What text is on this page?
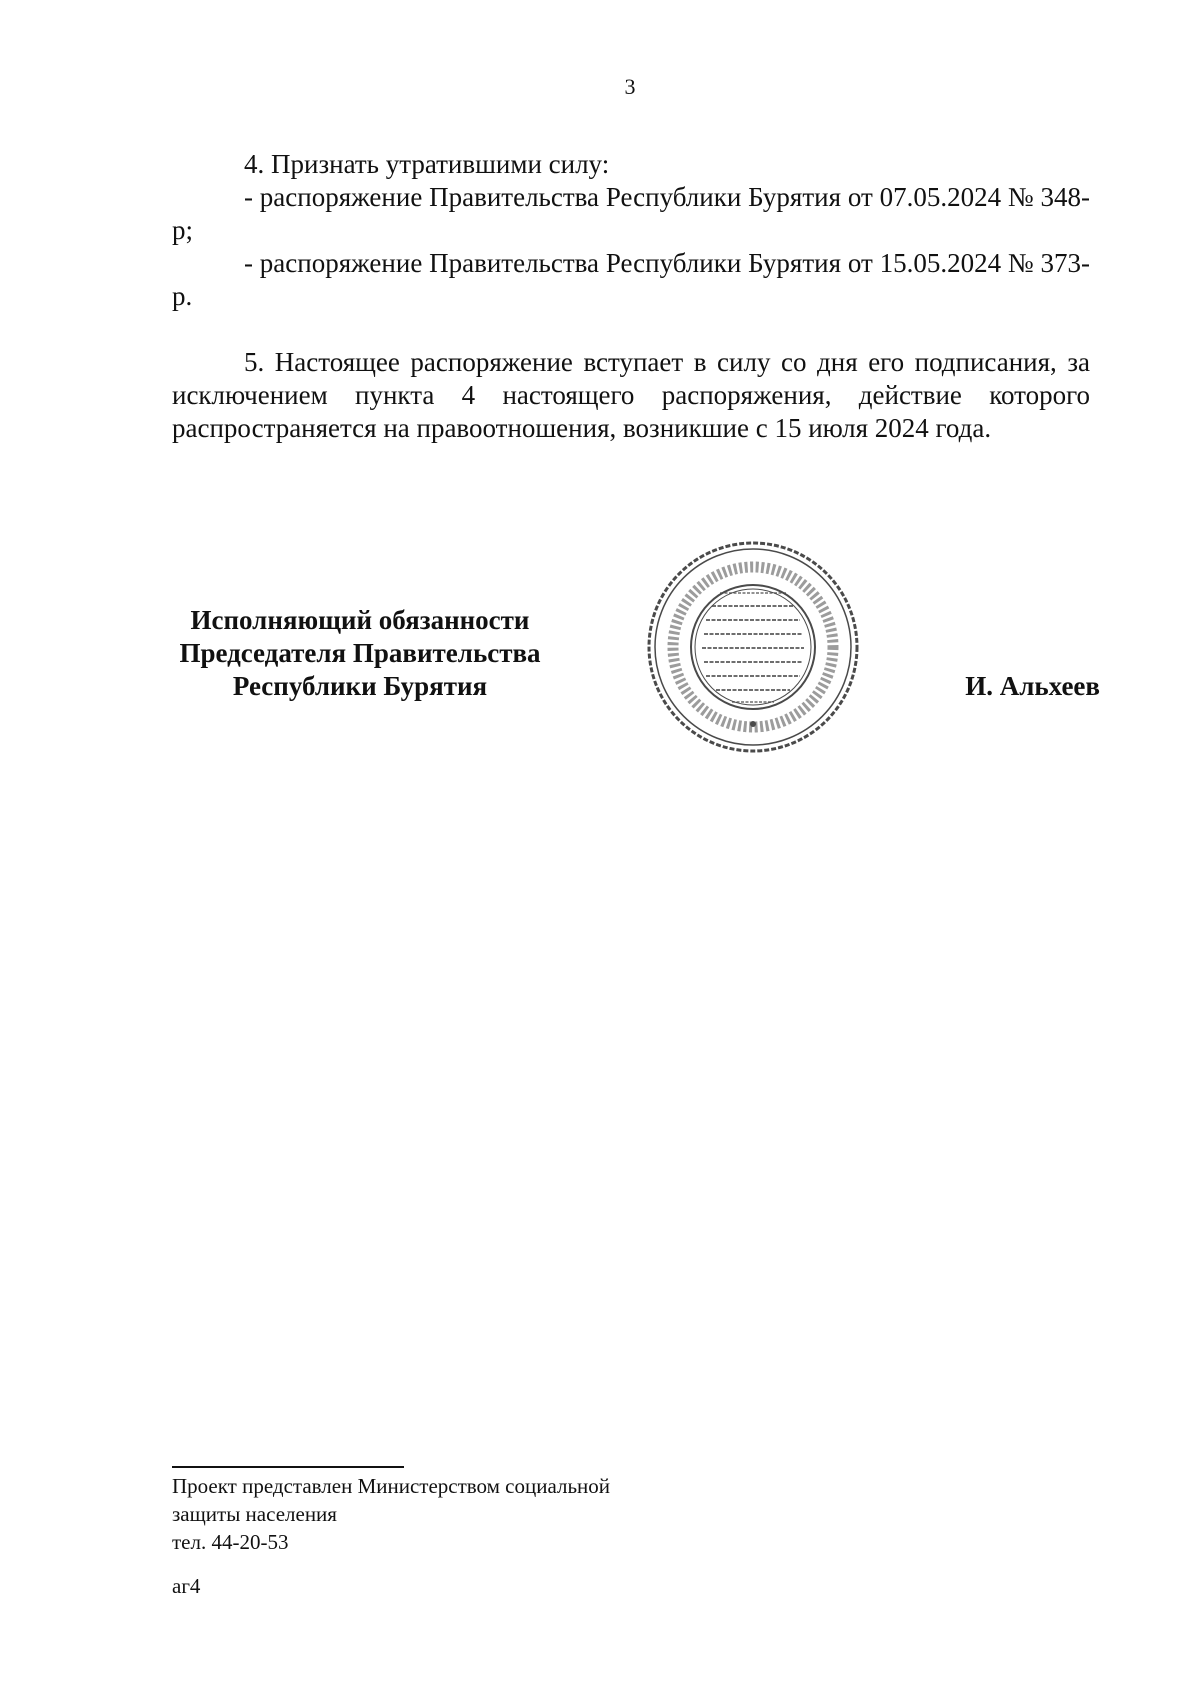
3

4. Признать утратившими силу:

- распоряжение Правительства Республики Бурятия от 07.05.2024 № 348-р;

- распоряжение Правительства Республики Бурятия от 15.05.2024 № 373-р.

5. Настоящее распоряжение вступает в силу со дня его подписания, за исключением пункта 4 настоящего распоряжения, действие которого распространяется на правоотношения, возникшие с 15 июля 2024 года.

Исполняющий обязанности
Председателя Правительства
Республики Бурятия	И. Альхеев
Проект представлен Министерством социальной
защиты населения
тел. 44-20-53
аг4
